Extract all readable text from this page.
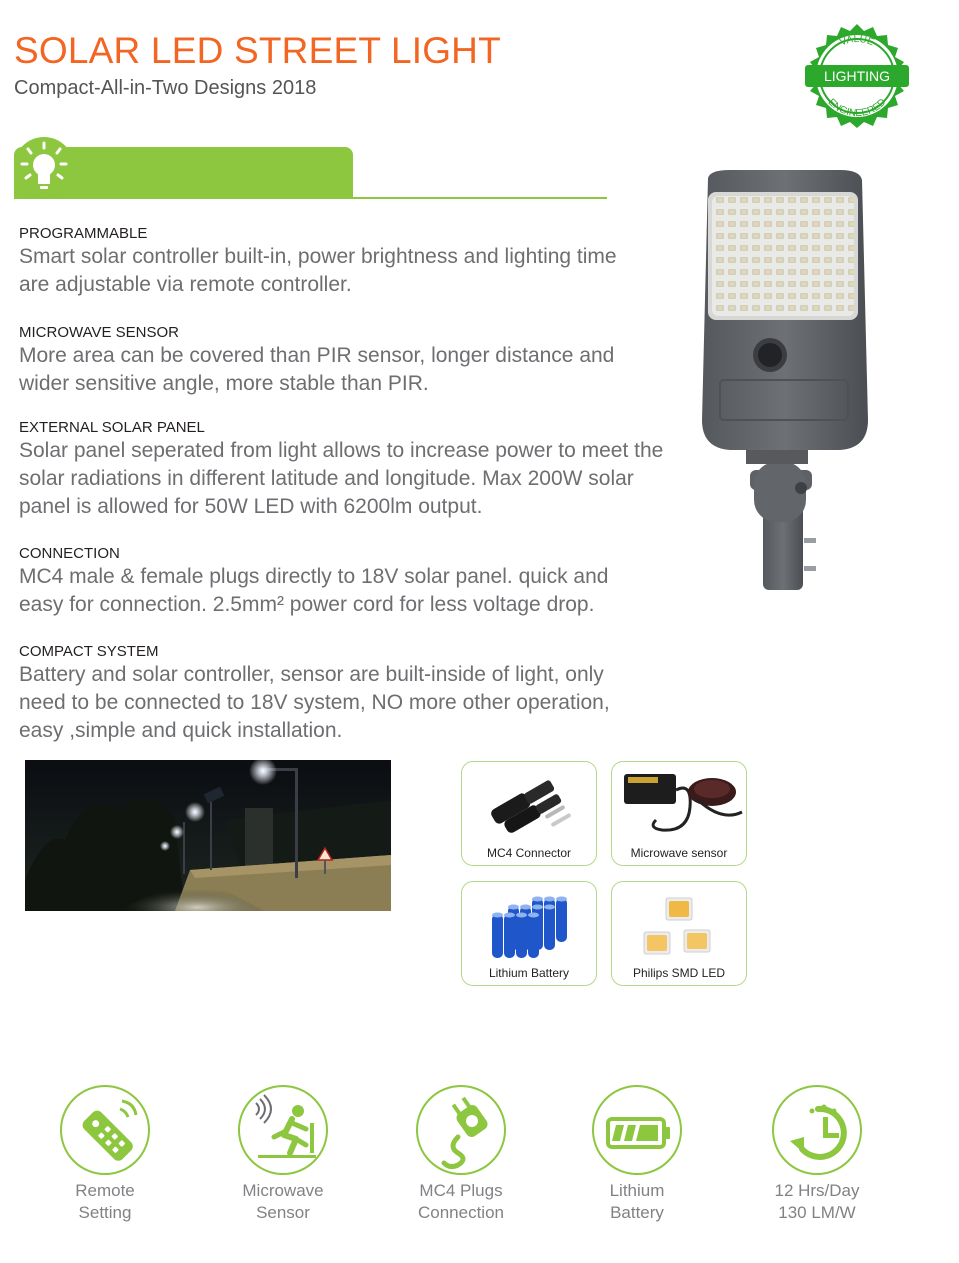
SOLAR LED STREET LIGHT
Compact-All-in-Two Designs 2018
VALUE
LIGHTING
ENGINEERED
PROGRAMMABLE
Smart solar controller built-in, power brightness and lighting time are adjustable via remote controller.
MICROWAVE SENSOR
More area can be covered than PIR sensor, longer distance and wider sensitive angle, more stable than PIR.
EXTERNAL SOLAR PANEL
Solar panel seperated from light allows to increase power to meet the solar radiations in different latitude and longitude. Max 200W solar panel is allowed for 50W LED with 6200lm output.
CONNECTION
MC4 male & female plugs directly to 18V solar panel. quick and easy for connection. 2.5mm² power cord for less voltage drop.
COMPACT SYSTEM
Battery and solar controller, sensor are built-inside of light, only need to be connected to 18V system, NO more other operation, easy ,simple and quick installation.
MC4 Connector	Microwave sensor
Lithium Battery	Philips SMD LED
Remote
Setting
Microwave
Sensor
MC4 Plugs
Connection
Lithium
Battery
12 Hrs/Day
130 LM/W
